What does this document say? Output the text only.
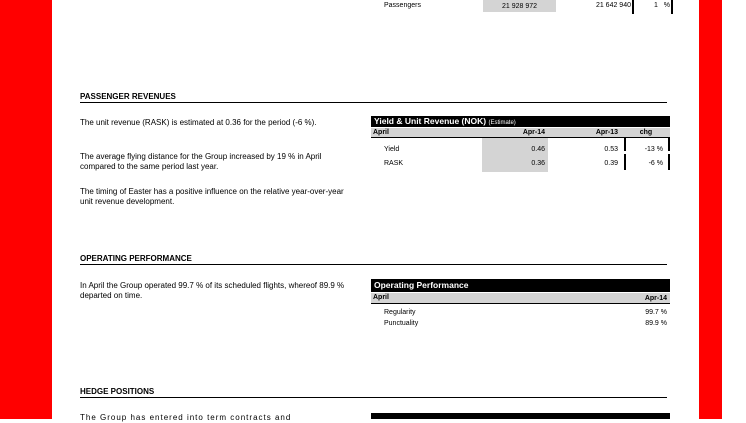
Passengers	21 928 972	21 642 940	1 %
PASSENGER REVENUES
The unit revenue (RASK) is estimated at 0.36 for the period (-6 %).
The average flying distance for the Group increased by 19 % in April compared to the same period last year.
The timing of Easter has a positive influence on the relative year-over-year unit revenue development.
Yield & Unit Revenue (NOK) (Estimate)
April	Apr-14	Apr-13	chg
Yield	0.46	0.53	-13 %
RASK	0.36	0.39	-6 %
OPERATING PERFORMANCE
In April the Group operated 99.7 % of its scheduled flights, whereof 89.9 % departed on time.
Operating Performance
April	Apr-14
Regularity	99.7 %
Punctuality	89.9 %
HEDGE POSITIONS
The Group has entered into term contracts and
